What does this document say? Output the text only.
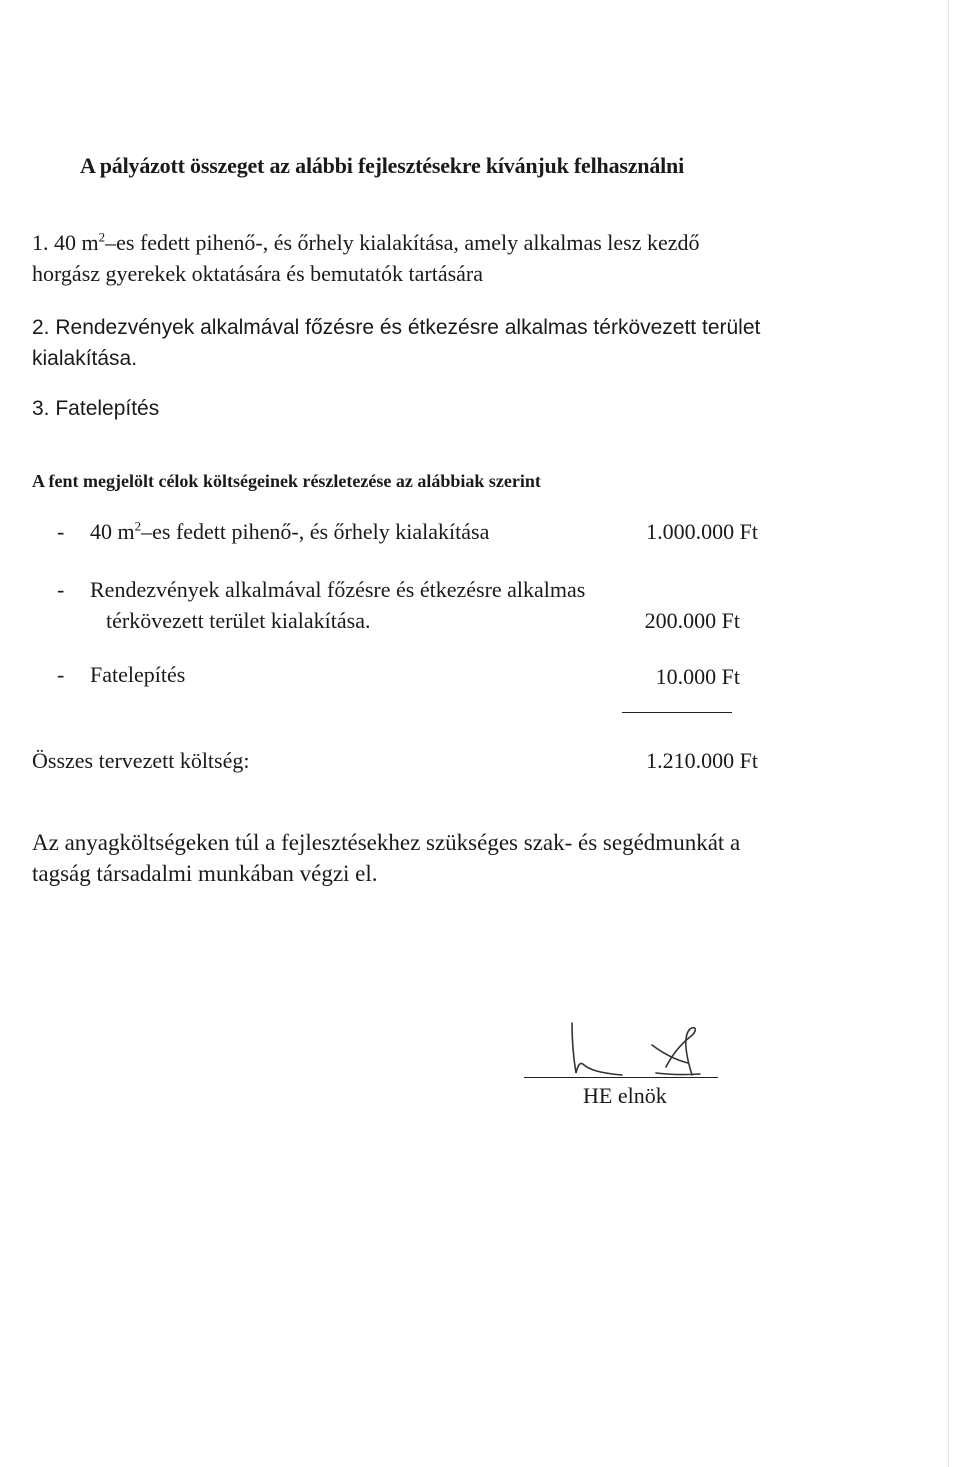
A pályázott összeget az alábbi fejlesztésekre kívánjuk felhasználni

1. 40 $m^2-es$ fedett pihenő-, és őrhely kialakítása, amely alkalmas lesz kezdő
horgász gyerekek oktatására és bemutatók tartására
2. Rendezvények alkalmával főzésre és étkezésre alkalmas térkövezett terület
kialakítása.

3. Fatelepítés

A fent megjelölt célok költségeinek részletezése az alábbiak szerint

- 40 $m^2-es$ fedett pihenő-, és őrhely kialakítása	1.000.000 Ft
- Rendezvények alkalmával főzésre és étkezésre alkalmas
térkövezett terület kialakítása.	200.000 Ft
- Fatelepítés	10.000 Ft
Összes tervezett költség:	1.210.000 Ft
Az anyagköltségeken túl a fejlesztésekhez szükséges szak- és segédmunkát a
tagság társadalmi munkában végzi el.
HE elnök
